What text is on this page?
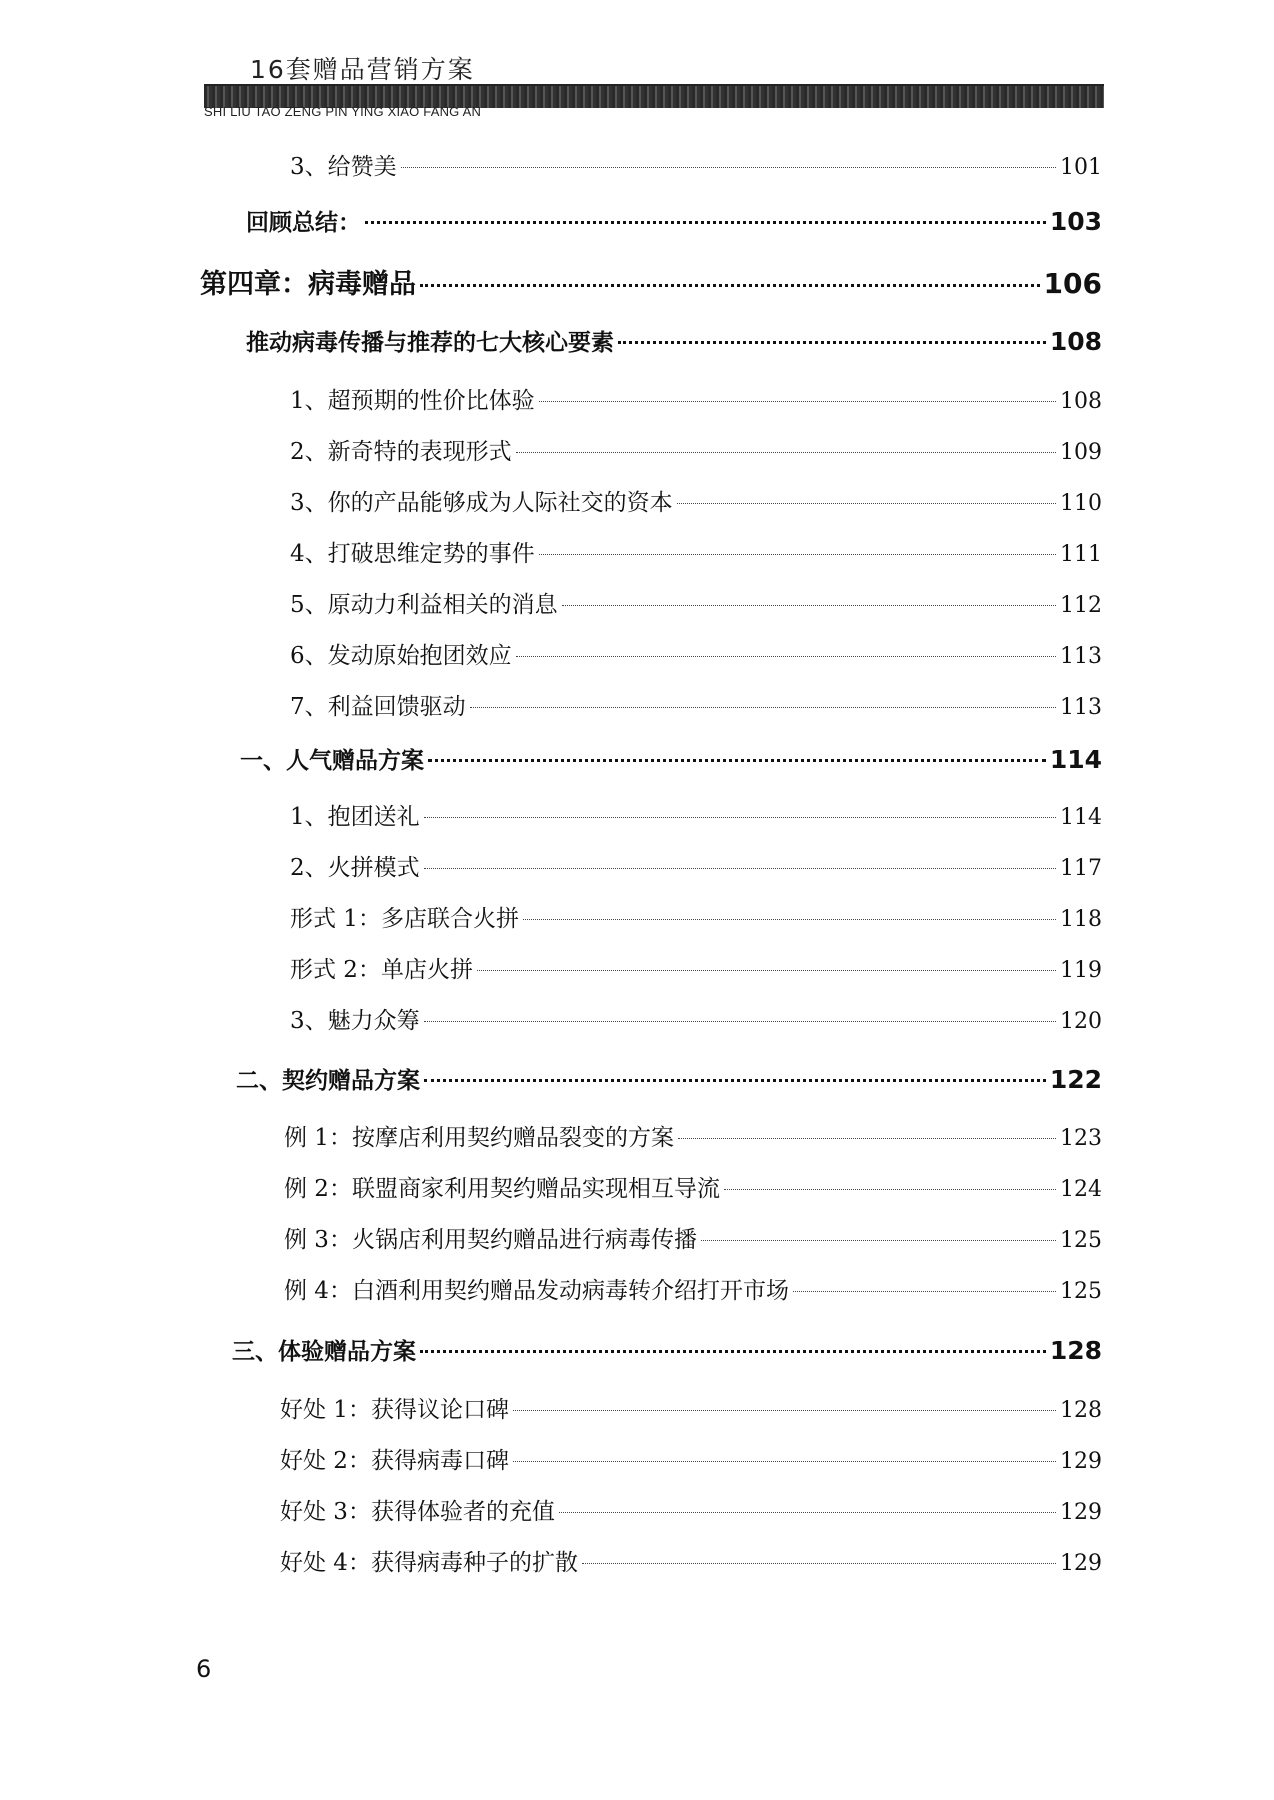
16套赠品营销方案
SHI LIU TAO ZENG PIN YING XIAO FANG AN
3、给赞美	101
回顾总结：	103
第四章：病毒赠品	106
推动病毒传播与推荐的七大核心要素	108
1、超预期的性价比体验	108
2、新奇特的表现形式	109
3、你的产品能够成为人际社交的资本	110
4、打破思维定势的事件	111
5、原动力利益相关的消息	112
6、发动原始抱团效应	113
7、利益回馈驱动	113
一、人气赠品方案	114
1、抱团送礼	114
2、火拼模式	117
形式 1：多店联合火拼	118
形式 2：单店火拼	119
3、魅力众筹	120
二、契约赠品方案	122
例 1：按摩店利用契约赠品裂变的方案	123
例 2：联盟商家利用契约赠品实现相互导流	124
例 3：火锅店利用契约赠品进行病毒传播	125
例 4：白酒利用契约赠品发动病毒转介绍打开市场	125
三、体验赠品方案	128
好处 1：获得议论口碑	128
好处 2：获得病毒口碑	129
好处 3：获得体验者的充值	129
好处 4：获得病毒种子的扩散	129
6
